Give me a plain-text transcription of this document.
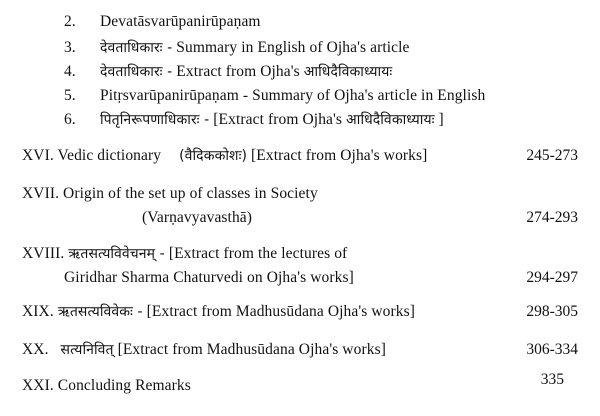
2. Devatāsvarūpanirūpaṇam
3. देवताधिकारः - Summary in English of Ojha's article
4. देवताधिकारः - Extract from Ojha's आधिदैविकाध्यायः
5. Pitṛsvarūpanirūpaṇam - Summary of Ojha's article in English
6. पितृनिरूपणाधिकारः - [Extract from Ojha's आधिदैविकाध्यायः ]
XVI. Vedic dictionary (वैदिककोशः) [Extract from Ojha's works]	245-273
XVII. Origin of the set up of classes in Society
(Varṇavyavasthā)	274-293
XVIII. ऋतसत्यविवेचनम् - [Extract from the lectures of
Giridhar Sharma Chaturvedi on Ojha's works]	294-297
XIX. ऋतसत्यविवेकः - [Extract from Madhusūdana Ojha's works]	298-305
XX. सत्यनिवित् [Extract from Madhusūdana Ojha's works]	306-334
XXI. Concluding Remarks	335
